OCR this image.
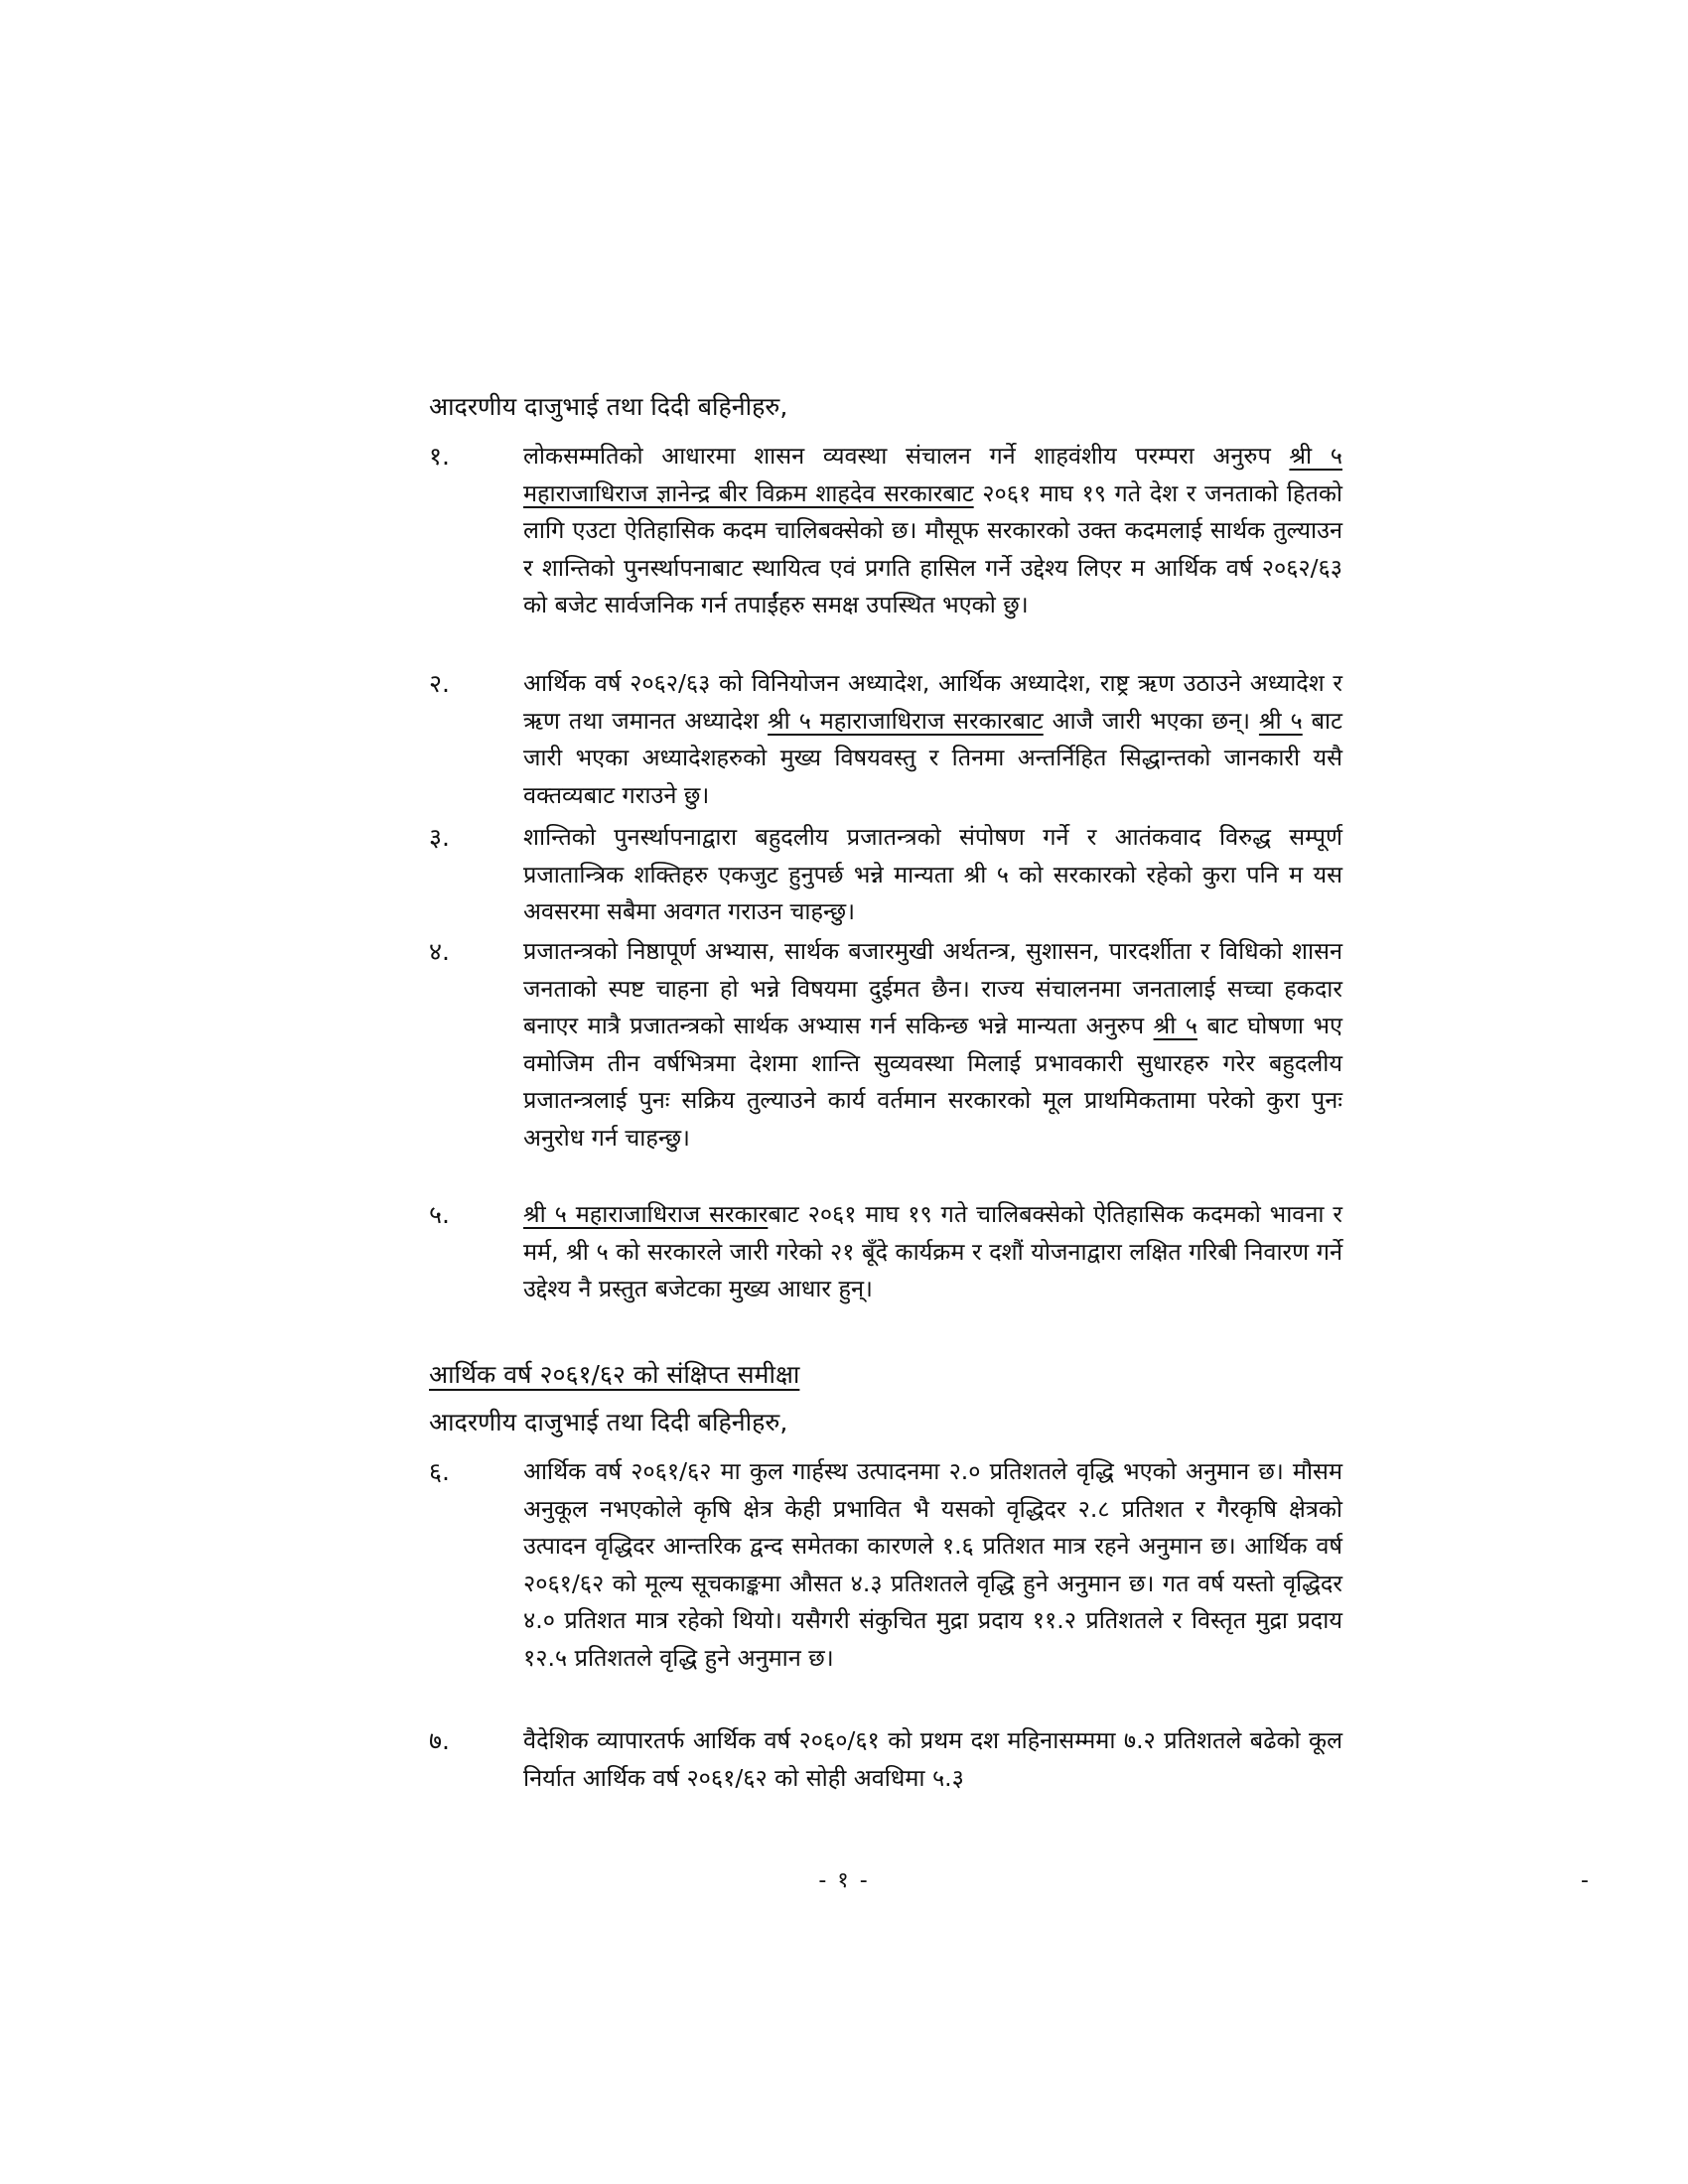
आदरणीय दाजुभाई तथा दिदी बहिनीहरु,
१.	लोकसम्मतिको आधारमा शासन व्यवस्था संचालन गर्ने शाहवंशीय परम्परा अनुरुप श्री ५ महाराजाधिराज ज्ञानेन्द्र बीर विक्रम शाहदेव सरकारबाट २०६१ माघ १९ गते देश र जनताको हितको लागि एउटा ऐतिहासिक कदम चालिबक्सेको छ। मौसूफ सरकारको उक्त कदमलाई सार्थक तुल्याउन र शान्तिको पुनर्स्थापनाबाट स्थायित्व एवं प्रगति हासिल गर्ने उद्देश्य लिएर म आर्थिक वर्ष २०६२/६३ को बजेट सार्वजनिक गर्न तपाईंहरु समक्ष उपस्थित भएको छु।
२.	आर्थिक वर्ष २०६२/६३ को विनियोजन अध्यादेश, आर्थिक अध्यादेश, राष्ट्र ऋण उठाउने अध्यादेश र ऋण तथा जमानत अध्यादेश श्री ५ महाराजाधिराज सरकारबाट आजै जारी भएका छन्। श्री ५ बाट जारी भएका अध्यादेशहरुको मुख्य विषयवस्तु र तिनमा अन्तर्निहित सिद्धान्तको जानकारी यसै वक्तव्यबाट गराउने छु।
३.	शान्तिको पुनर्स्थापनाद्वारा बहुदलीय प्रजातन्त्रको संपोषण गर्ने र आतंकवाद विरुद्ध सम्पूर्ण प्रजातान्त्रिक शक्तिहरु एकजुट हुनुपर्छ भन्ने मान्यता श्री ५ को सरकारको रहेको कुरा पनि म यस अवसरमा सबैमा अवगत गराउन चाहन्छु।
४.	प्रजातन्त्रको निष्ठापूर्ण अभ्यास, सार्थक बजारमुखी अर्थतन्त्र, सुशासन, पारदर्शीता र विधिको शासन जनताको स्पष्ट चाहना हो भन्ने विषयमा दुईमत छैन। राज्य संचालनमा जनतालाई सच्चा हकदार बनाएर मात्रै प्रजातन्त्रको सार्थक अभ्यास गर्न सकिन्छ भन्ने मान्यता अनुरुप श्री ५ बाट घोषणा भए वमोजिम तीन वर्षभित्रमा देशमा शान्ति सुव्यवस्था मिलाई प्रभावकारी सुधारहरु गरेर बहुदलीय प्रजातन्त्रलाई पुनः सक्रिय तुल्याउने कार्य वर्तमान सरकारको मूल प्राथमिकतामा परेको कुरा पुनः अनुरोध गर्न चाहन्छु।
५.	श्री ५ महाराजाधिराज सरकारबाट २०६१ माघ १९ गते चालिबक्सेको ऐतिहासिक कदमको भावना र मर्म, श्री ५ को सरकारले जारी गरेको २१ बूँदे कार्यक्रम र दशौं योजनाद्वारा लक्षित गरिबी निवारण गर्ने उद्देश्य नै प्रस्तुत बजेटका मुख्य आधार हुन्।
आर्थिक वर्ष २०६१/६२ को संक्षिप्त समीक्षा
आदरणीय दाजुभाई तथा दिदी बहिनीहरु,
६.	आर्थिक वर्ष २०६१/६२ मा कुल गार्हस्थ उत्पादनमा २.० प्रतिशतले वृद्धि भएको अनुमान छ। मौसम अनुकूल नभएकोले कृषि क्षेत्र केही प्रभावित भै यसको वृद्धिदर २.८ प्रतिशत र गैरकृषि क्षेत्रको उत्पादन वृद्धिदर आन्तरिक द्वन्द समेतका कारणले १.६ प्रतिशत मात्र रहने अनुमान छ। आर्थिक वर्ष २०६१/६२ को मूल्य सूचकाङ्कमा औसत ४.३ प्रतिशतले वृद्धि हुने अनुमान छ। गत वर्ष यस्तो वृद्धिदर ४.० प्रतिशत मात्र रहेको थियो। यसैगरी संकुचित मुद्रा प्रदाय ११.२ प्रतिशतले र विस्तृत मुद्रा प्रदाय १२.५ प्रतिशतले वृद्धि हुने अनुमान छ।
७.	वैदेशिक व्यापारतर्फ आर्थिक वर्ष २०६०/६१ को प्रथम दश महिनासम्ममा ७.२ प्रतिशतले बढेको कूल निर्यात आर्थिक वर्ष २०६१/६२ को सोही अवधिमा ५.३
- १ -	-
